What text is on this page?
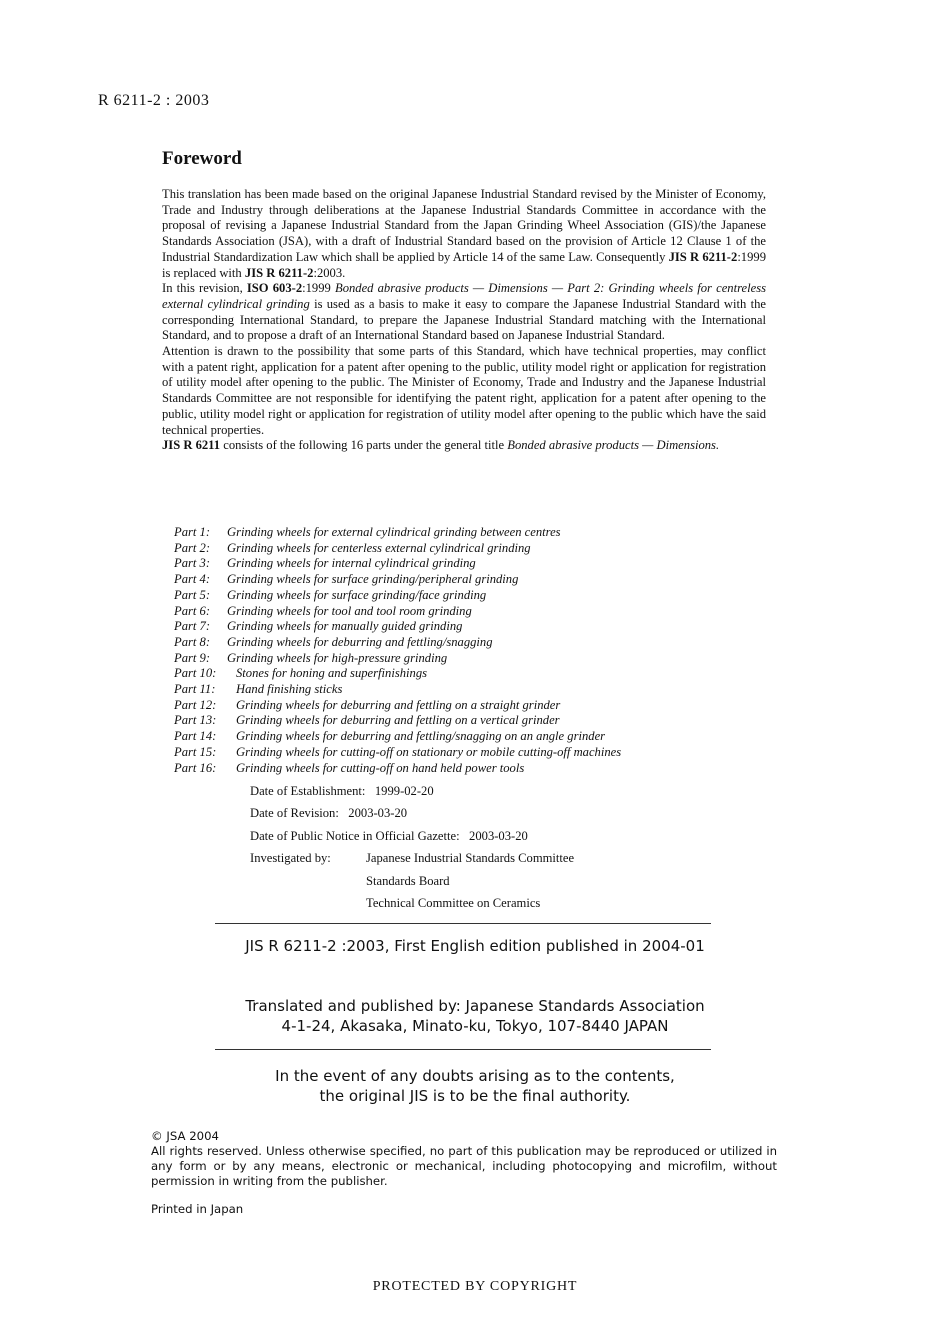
R 6211-2 : 2003
Foreword

This translation has been made based on the original Japanese Industrial Standard revised by the Minister of Economy, Trade and Industry through deliberations at the Japanese Industrial Standards Committee in accordance with the proposal of revising a Japanese Industrial Standard from the Japan Grinding Wheel Association (GIS)/the Japanese Standards Association (JSA), with a draft of Industrial Standard based on the provision of Article 12 Clause 1 of the Industrial Standardization Law which shall be applied by Article 14 of the same Law. Consequently JIS R 6211-2:1999 is replaced with JIS R 6211-2:2003.

In this revision, ISO 603-2:1999 Bonded abrasive products — Dimensions — Part 2: Grinding wheels for centreless external cylindrical grinding is used as a basis to make it easy to compare the Japanese Industrial Standard with the corresponding International Standard, to prepare the Japanese Industrial Standard matching with the International Standard, and to propose a draft of an International Standard based on Japanese Industrial Standard.

Attention is drawn to the possibility that some parts of this Standard, which have technical properties, may conflict with a patent right, application for a patent after opening to the public, utility model right or application for registration of utility model after opening to the public. The Minister of Economy, Trade and Industry and the Japanese Industrial Standards Committee are not responsible for identifying the patent right, application for a patent after opening to the public, utility model right or application for registration of utility model after opening to the public which have the said technical properties.

JIS R 6211 consists of the following 16 parts under the general title Bonded abrasive products — Dimensions.

Part 1: Grinding wheels for external cylindrical grinding between centres
Part 2: Grinding wheels for centerless external cylindrical grinding
Part 3: Grinding wheels for internal cylindrical grinding
Part 4: Grinding wheels for surface grinding/peripheral grinding
Part 5: Grinding wheels for surface grinding/face grinding
Part 6: Grinding wheels for tool and tool room grinding
Part 7: Grinding wheels for manually guided grinding
Part 8: Grinding wheels for deburring and fettling/snagging
Part 9: Grinding wheels for high-pressure grinding
Part 10: Stones for honing and superfinishings
Part 11: Hand finishing sticks
Part 12: Grinding wheels for deburring and fettling on a straight grinder
Part 13: Grinding wheels for deburring and fettling on a vertical grinder
Part 14: Grinding wheels for deburring and fettling/snagging on an angle grinder
Part 15: Grinding wheels for cutting-off on stationary or mobile cutting-off machines
Part 16: Grinding wheels for cutting-off on hand held power tools
Date of Establishment: 1999-02-20
Date of Revision: 2003-03-20
Date of Public Notice in Official Gazette: 2003-03-20
Investigated by:	Japanese Industrial Standards Committee
Standards Board
Technical Committee on Ceramics
JIS R 6211-2 :2003, First English edition published in 2004-01
Translated and published by: Japanese Standards Association
4-1-24, Akasaka, Minato-ku, Tokyo, 107-8440 JAPAN
In the event of any doubts arising as to the contents,
the original JIS is to be the final authority.
© JSA 2004
All rights reserved. Unless otherwise specified, no part of this publication may be reproduced or utilized in any form or by any means, electronic or mechanical, including photocopying and microfilm, without permission in writing from the publisher.
Printed in Japan
PROTECTED BY COPYRIGHT
